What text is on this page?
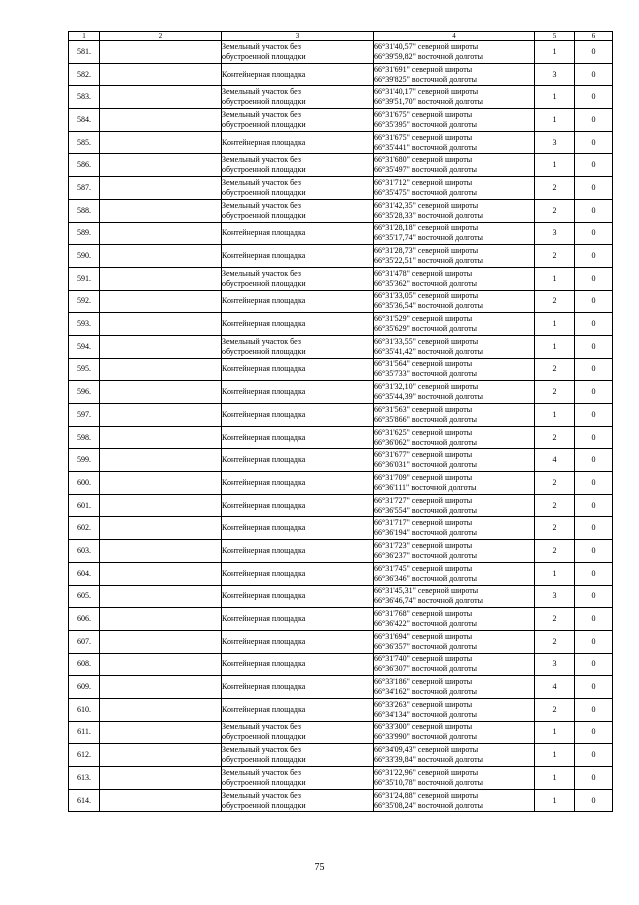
1	2	3	4	5	6
581.		Земельный участок без
обустроенной площадки	66°31'40,57" северной широты
66°39'59,82" восточной долготы	1	0
582.		Контейнерная площадка	66°31'691" северной широты
66°39'825" восточной долготы	3	0
583.		Земельный участок без
обустроенной площадки	66°31'40,17" северной широты
66°39'51,70" восточной долготы	1	0
584.		Земельный участок без
обустроенной площадки	66°31'675" северной широты
66°35'395" восточной долготы	1	0
585.		Контейнерная площадка	66°31'675" северной широты
66°35'441" восточной долготы	3	0
586.		Земельный участок без
обустроенной площадки	66°31'680" северной широты
66°35'497" восточной долготы	1	0
587.		Земельный участок без
обустроенной площадки	66°31'712" северной широты
66°35'475" восточной долготы	2	0
588.		Земельный участок без
обустроенной площадки	66°31'42,35" северной широты
66°35'28,33" восточной долготы	2	0
589.		Контейнерная площадка	66°31'28,18" северной широты
66°35'17,74" восточной долготы	3	0
590.		Контейнерная площадка	66°31'28,73" северной широты
66°35'22,51" восточной долготы	2	0
591.		Земельный участок без
обустроенной площадки	66°31'478" северной широты
66°35'362" восточной долготы	1	0
592.		Контейнерная площадка	66°31'33,05" северной широты
66°35'36,54" восточной долготы	2	0
593.		Контейнерная площадка	66°31'529" северной широты
66°35'629" восточной долготы	1	0
594.		Земельный участок без
обустроенной площадки	66°31'33,55" северной широты
66°35'41,42" восточной долготы	1	0
595.		Контейнерная площадка	66°31'564" северной широты
66°35'733" восточной долготы	2	0
596.		Контейнерная площадка	66°31'32,10" северной широты
66°35'44,39" восточной долготы	2	0
597.		Контейнерная площадка	66°31'563" северной широты
66°35'866" восточной долготы	1	0
598.		Контейнерная площадка	66°31'625" северной широты
66°36'062" восточной долготы	2	0
599.		Контейнерная площадка	66°31'677" северной широты
66°36'031" восточной долготы	4	0
600.		Контейнерная площадка	66°31'709" северной широты
66°36'111" восточной долготы	2	0
601.		Контейнерная площадка	66°31'727" северной широты
66°36'554" восточной долготы	2	0
602.		Контейнерная площадка	66°31'717" северной широты
66°36'194" восточной долготы	2	0
603.		Контейнерная площадка	66°31'723" северной широты
66°36'237" восточной долготы	2	0
604.		Контейнерная площадка	66°31'745" северной широты
66°36'346" восточной долготы	1	0
605.		Контейнерная площадка	66°31'45,31" северной широты
66°36'46,74" восточной долготы	3	0
606.		Контейнерная площадка	66°31'768" северной широты
66°36'422" восточной долготы	2	0
607.		Контейнерная площадка	66°31'694" северной широты
66°36'357" восточной долготы	2	0
608.		Контейнерная площадка	66°31'740" северной широты
66°36'307" восточной долготы	3	0
609.		Контейнерная площадка	66°33'186" северной широты
66°34'162" восточной долготы	4	0
610.		Контейнерная площадка	66°33'263" северной широты
66°34'134" восточной долготы	2	0
611.		Земельный участок без
обустроенной площадки	66°33'300" северной широты
66°33'990" восточной долготы	1	0
612.		Земельный участок без
обустроенной площадки	66°34'09,43" северной широты
66°33'39,84" восточной долготы	1	0
613.		Земельный участок без
обустроенной площадки	66°31'22,96" северной широты
66°35'10,78" восточной долготы	1	0
614.		Земельный участок без
обустроенной площадки	66°31'24,88" северной широты
66°35'08,24" восточной долготы	1	0
75
